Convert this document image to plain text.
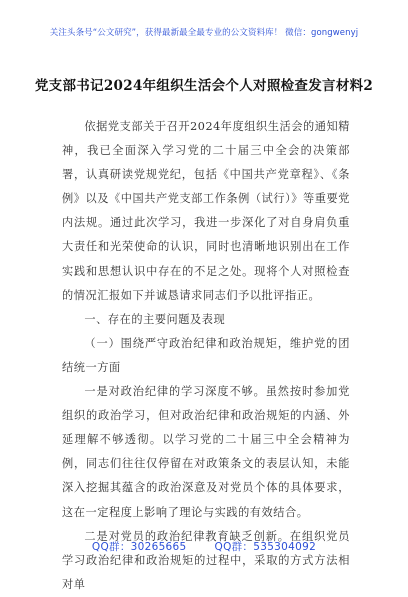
关注头条号“公文研究”，获得最新最全最专业的公文资料库！ 微信：gongwenyj
党支部书记2024年组织生活会个人对照检查发言材料2

依据党支部关于召开2024年度组织生活会的通知精神，我已全面深入学习党的二十届三中全会的决策部署，认真研读党规党纪，包括《中国共产党章程》、《条例》以及《中国共产党支部工作条例（试行）》等重要党内法规。通过此次学习，我进一步深化了对自身肩负重大责任和光荣使命的认识，同时也清晰地识别出在工作实践和思想认识中存在的不足之处。现将个人对照检查的情况汇报如下并诚恳请求同志们予以批评指正。

一、存在的主要问题及表现

（一）围绕严守政治纪律和政治规矩，维护党的团结统一方面

一是对政治纪律的学习深度不够。虽然按时参加党组织的政治学习，但对政治纪律和政治规矩的内涵、外延理解不够透彻。以学习党的二十届三中全会精神为例，同志们往往仅停留在对政策条文的表层认知，未能深入挖掘其蕴含的政治深意及对党员个体的具体要求，这在一定程度上影响了理论与实践的有效结合。

二是对党员的政治纪律教育缺乏创新。在组织党员学习政治纪律和政治规矩的过程中，采取的方式方法相对单

QQ群：30265665	QQ群：535304092
